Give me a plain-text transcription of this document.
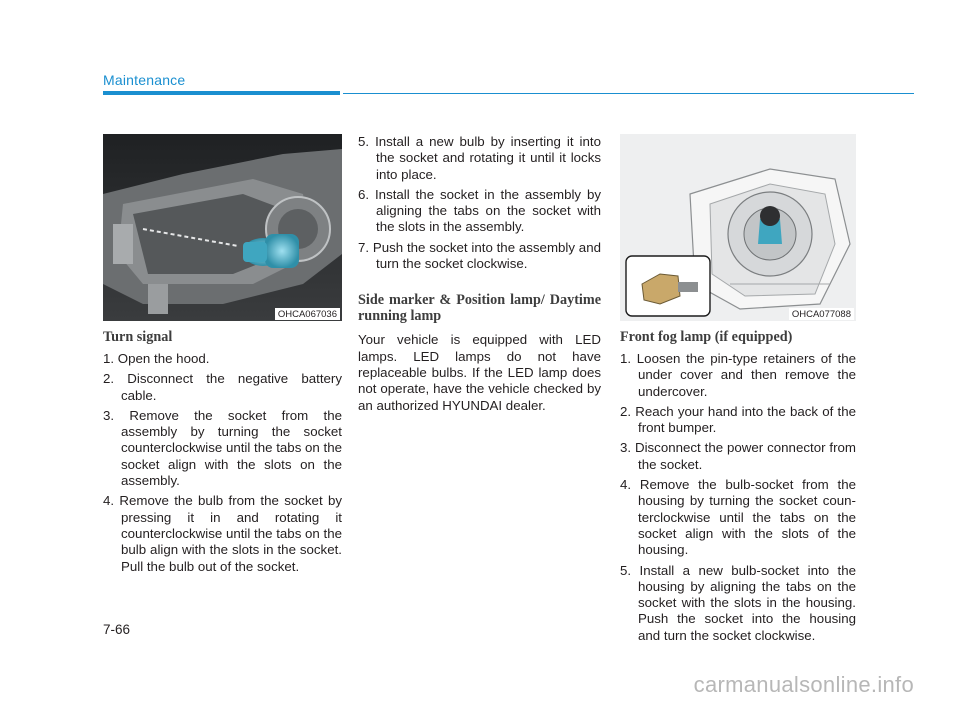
Maintenance
OHCA067036
Turn signal
1. Open the hood.
2. Disconnect the negative battery cable.
3. Remove the socket from the assembly by turning the socket counterclockwise until the tabs on the socket align with the slots on the assembly.
4. Remove the bulb from the socket by pressing it in and rotating it counterclockwise until the tabs on the bulb align with the slots in the socket. Pull the bulb out of the socket.
5. Install a new bulb by inserting it into the socket and rotating it until it locks into place.
6. Install the socket in the assembly by aligning the tabs on the socket with the slots in the assembly.
7. Push the socket into the assembly and turn the socket clockwise.
Side marker & Position lamp/ Daytime running lamp

Your vehicle is equipped with LED lamps. LED lamps do not have replaceable bulbs. If the LED lamp does not operate, have the vehicle checked by an authorized HYUNDAI dealer.

OHCA077088
Front fog lamp (if equipped)
1. Loosen the pin-type retainers of the under cover and then remove the undercover.
2. Reach your hand into the back of the front bumper.
3. Disconnect the power connector from the socket.
4. Remove the bulb-socket from the housing by turning the socket coun-terclockwise until the tabs on the socket align with the slots of the housing.
5. Install a new bulb-socket into the housing by aligning the tabs on the socket with the slots in the housing. Push the socket into the housing and turn the socket clockwise.
7-66
carmanualsonline.info
